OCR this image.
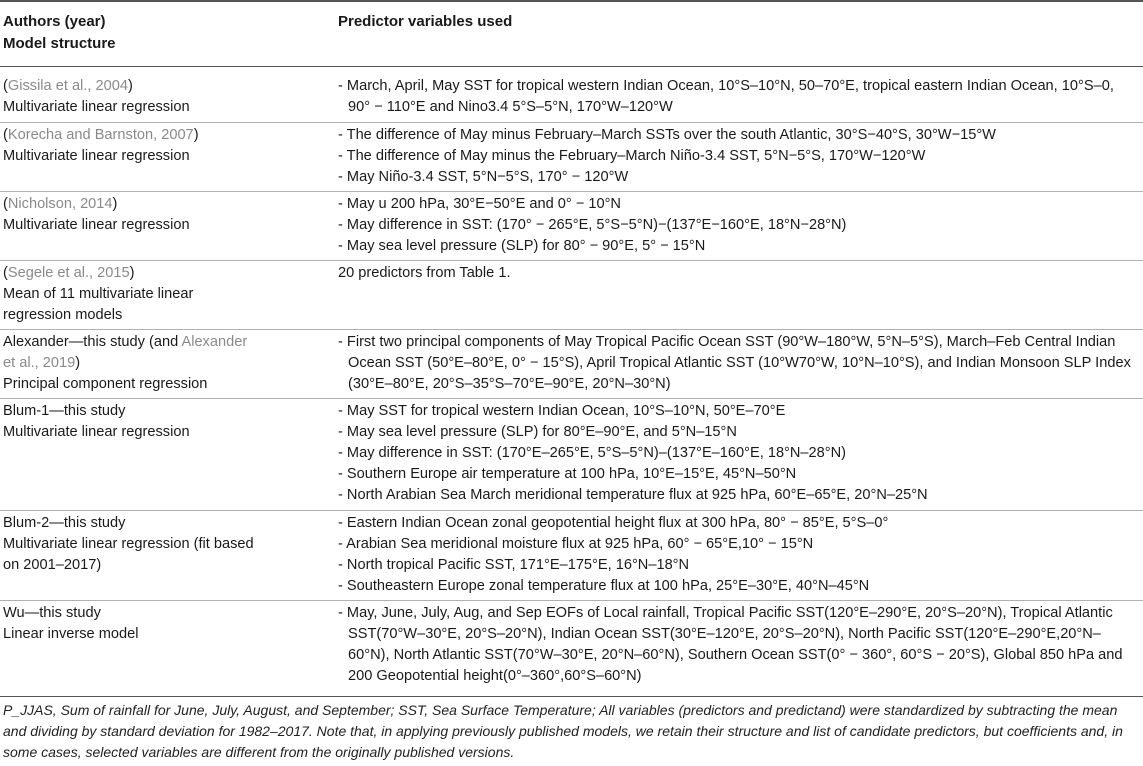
Authors (year)
Model structure
Predictor variables used
(Gissila et al., 2004)
Multivariate linear regression
- March, April, May SST for tropical western Indian Ocean, 10°S–10°N, 50–70°E, tropical eastern Indian Ocean, 10°S–0, 90° − 110°E and Nino3.4 5°S–5°N, 170°W–120°W
(Korecha and Barnston, 2007)
Multivariate linear regression
- The difference of May minus February–March SSTs over the south Atlantic, 30°S−40°S, 30°W−15°W
- The difference of May minus the February–March Niño-3.4 SST, 5°N−5°S, 170°W−120°W
- May Niño-3.4 SST, 5°N−5°S, 170° − 120°W
(Nicholson, 2014)
Multivariate linear regression
- May u 200 hPa, 30°E−50°E and 0° − 10°N
- May difference in SST: (170° − 265°E, 5°S−5°N)−(137°E−160°E, 18°N−28°N)
- May sea level pressure (SLP) for 80° − 90°E, 5° − 15°N
(Segele et al., 2015)
Mean of 11 multivariate linear
regression models
20 predictors from Table 1.
Alexander—this study (and Alexander
et al., 2019)
Principal component regression
- First two principal components of May Tropical Pacific Ocean SST (90°W–180°W, 5°N–5°S), March–Feb Central Indian Ocean SST (50°E–80°E, 0° − 15°S), April Tropical Atlantic SST (10°W70°W, 10°N–10°S), and Indian Monsoon SLP Index (30°E–80°E, 20°S–35°S–70°E–90°E, 20°N–30°N)
Blum-1—this study
Multivariate linear regression
- May SST for tropical western Indian Ocean, 10°S–10°N, 50°E–70°E
- May sea level pressure (SLP) for 80°E–90°E, and 5°N–15°N
- May difference in SST: (170°E–265°E, 5°S–5°N)–(137°E–160°E, 18°N–28°N)
- Southern Europe air temperature at 100 hPa, 10°E–15°E, 45°N–50°N
- North Arabian Sea March meridional temperature flux at 925 hPa, 60°E–65°E, 20°N–25°N
Blum-2—this study
Multivariate linear regression (fit based
on 2001–2017)
- Eastern Indian Ocean zonal geopotential height flux at 300 hPa, 80° − 85°E, 5°S–0°
- Arabian Sea meridional moisture flux at 925 hPa, 60° − 65°E,10° − 15°N
- North tropical Pacific SST, 171°E–175°E, 16°N–18°N
- Southeastern Europe zonal temperature flux at 100 hPa, 25°E–30°E, 40°N–45°N
Wu—this study
Linear inverse model
- May, June, July, Aug, and Sep EOFs of Local rainfall, Tropical Pacific SST(120°E–290°E, 20°S–20°N), Tropical Atlantic SST(70°W–30°E, 20°S–20°N), Indian Ocean SST(30°E–120°E, 20°S–20°N), North Pacific SST(120°E–290°E,20°N–60°N), North Atlantic SST(70°W–30°E, 20°N–60°N), Southern Ocean SST(0° − 360°, 60°S − 20°S), Global 850 hPa and 200 Geopotential height(0°–360°,60°S–60°N)
P_JJAS, Sum of rainfall for June, July, August, and September; SST, Sea Surface Temperature; All variables (predictors and predictand) were standardized by subtracting the mean and dividing by standard deviation for 1982–2017. Note that, in applying previously published models, we retain their structure and list of candidate predictors, but coefficients and, in some cases, selected variables are different from the originally published versions.
